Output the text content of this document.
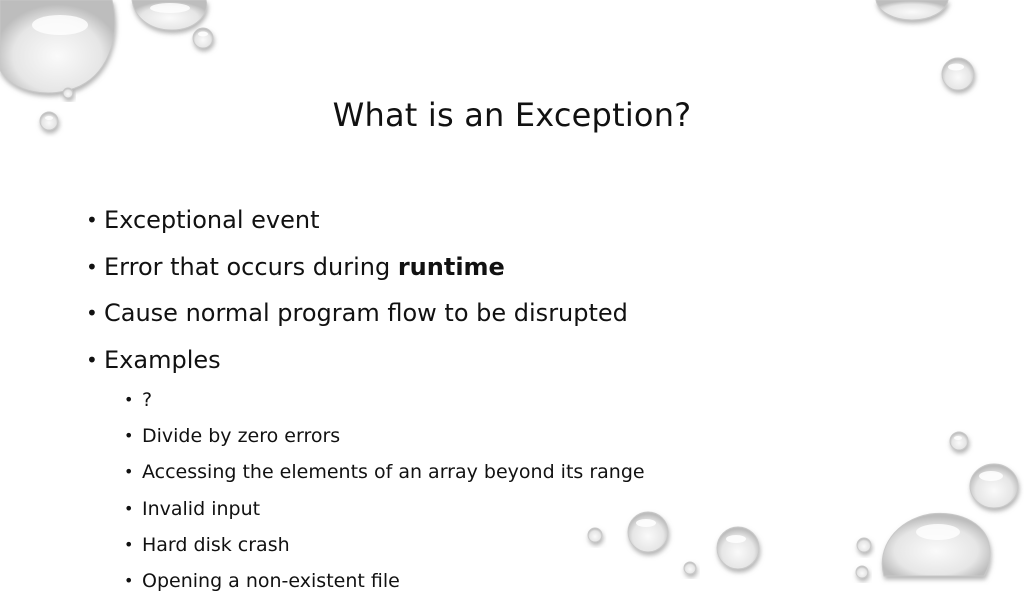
What is an Exception?
• Exceptional event
• Error that occurs during runtime
• Cause normal program flow to be disrupted
• Examples
• ?
• Divide by zero errors
• Accessing the elements of an array beyond its range
• Invalid input
• Hard disk crash
• Opening a non-existent file
